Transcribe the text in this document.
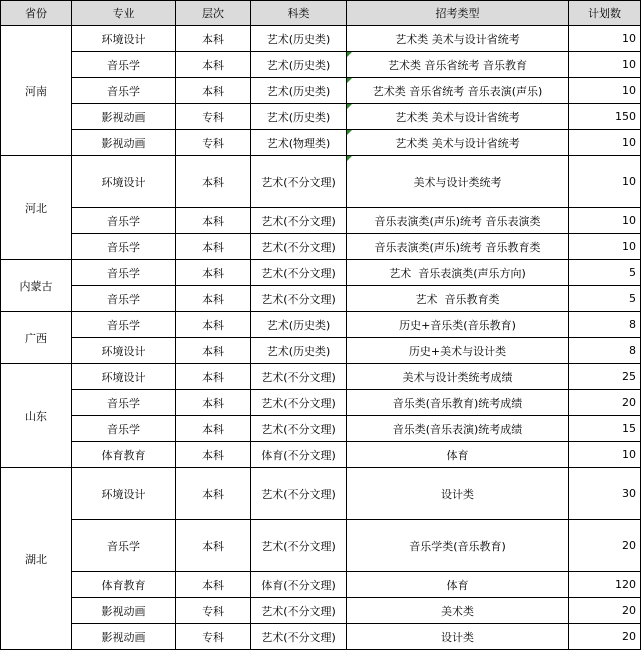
省份	专业	层次	科类	招考类型	计划数
河南	环境设计	本科	艺术(历史类)	艺术类 美术与设计省统考	10
	音乐学	本科	艺术(历史类)	艺术类 音乐省统考 音乐教育	10
	音乐学	本科	艺术(历史类)	艺术类 音乐省统考 音乐表演(声乐)	10
	影视动画	专科	艺术(历史类)	艺术类 美术与设计省统考	150
	影视动画	专科	艺术(物理类)	艺术类 美术与设计省统考	10
河北	环境设计	本科	艺术(不分文理)	美术与设计类统考	10
	音乐学	本科	艺术(不分文理)	音乐表演类(声乐)统考 音乐表演类	10
	音乐学	本科	艺术(不分文理)	音乐表演类(声乐)统考 音乐教育类	10
内蒙古	音乐学	本科	艺术(不分文理)	艺术  音乐表演类(声乐方向)	5
	音乐学	本科	艺术(不分文理)	艺术  音乐教育类	5
广西	音乐学	本科	艺术(历史类)	历史+音乐类(音乐教育)	8
	环境设计	本科	艺术(历史类)	历史+美术与设计类	8
山东	环境设计	本科	艺术(不分文理)	美术与设计类统考成绩	25
	音乐学	本科	艺术(不分文理)	音乐类(音乐教育)统考成绩	20
	音乐学	本科	艺术(不分文理)	音乐类(音乐表演)统考成绩	15
	体育教育	本科	体育(不分文理)	体育	10
湖北	环境设计	本科	艺术(不分文理)	设计类	30
	音乐学	本科	艺术(不分文理)	音乐学类(音乐教育)	20
	体育教育	本科	体育(不分文理)	体育	120
	影视动画	专科	艺术(不分文理)	美术类	20
	影视动画	专科	艺术(不分文理)	设计类	20
